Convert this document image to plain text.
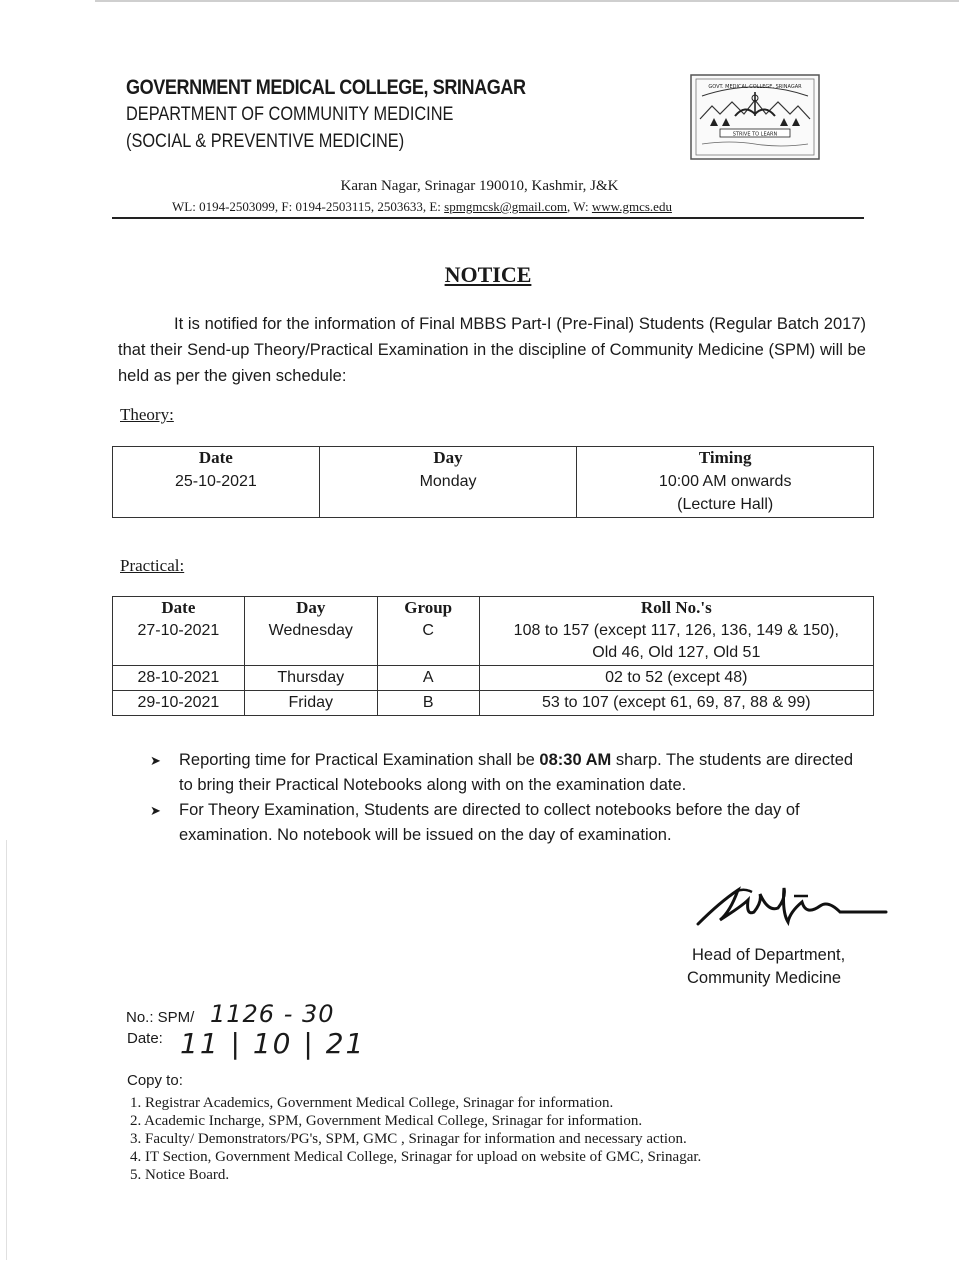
GOVERNMENT MEDICAL COLLEGE, SRINAGAR
DEPARTMENT OF COMMUNITY MEDICINE
(SOCIAL & PREVENTIVE MEDICINE)
GOVT. MEDICAL COLLEGE, SRINAGAR
STRIVE TO LEARN
Karan Nagar, Srinagar 190010, Kashmir, J&K
WL: 0194-2503099, F: 0194-2503115, 2503633, E: spmgmcsk@gmail.com, W: www.gmcs.edu
NOTICE
It is notified for the information of Final MBBS Part-I (Pre-Final) Students (Regular Batch 2017) that their Send-up Theory/Practical Examination in the discipline of Community Medicine (SPM) will be held as per the given schedule:
Theory:
Date	Day	Timing
25-10-2021	Monday	10:00 AM onwards
(Lecture Hall)
Practical:
Date	Day	Group	Roll No.'s
27-10-2021	Wednesday	C	108 to 157 (except 117, 126, 136, 149 & 150),
Old 46, Old 127, Old 51

28-10-2021	Thursday	A	02 to 52 (except 48)
29-10-2021	Friday	B	53 to 107 (except 61, 69, 87, 88 & 99)
➤ Reporting time for Practical Examination shall be 08:30 AM sharp. The students are directed to bring their Practical Notebooks along with on the examination date.
➤ For Theory Examination, Students are directed to collect notebooks before the day of examination. No notebook will be issued on the day of examination.
Head of Department,
Community Medicine
No.: SPM/ 1126 - 30
Date: 11 | 10 | 21
Copy to:
1. Registrar Academics, Government Medical College, Srinagar for information.
2. Academic Incharge, SPM, Government Medical College, Srinagar for information.
3. Faculty/ Demonstrators/PG's, SPM, GMC , Srinagar for information and necessary action.
4. IT Section, Government Medical College, Srinagar for upload on website of GMC, Srinagar.
5. Notice Board.
